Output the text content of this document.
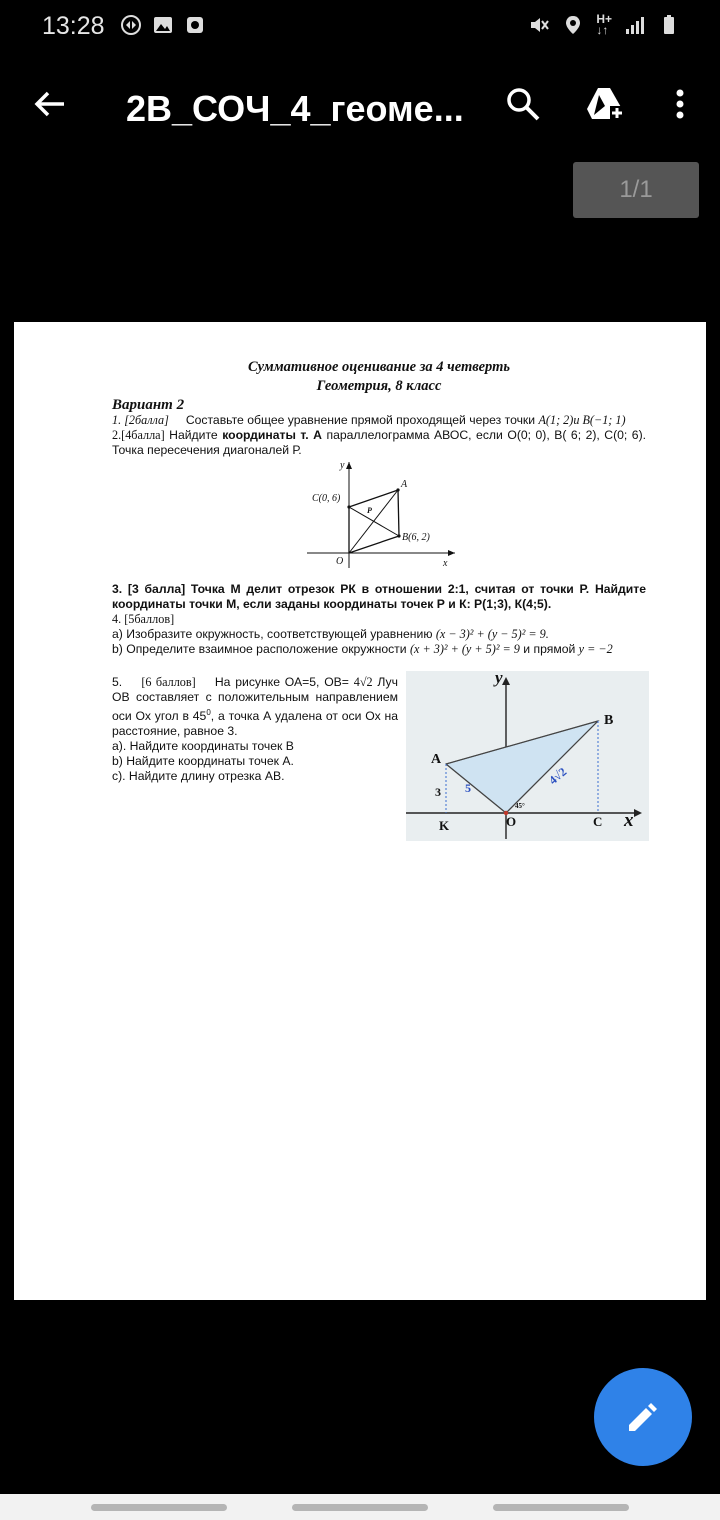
13:28	H+
↓↑
2В_СОЧ_4_геоме...
1/1
Суммативное оценивание за 4 четверть
Геометрия, 8 класс
Вариант 2

1. [2балла] Составьте общее уравнение прямой проходящей через точки A(1; 2)и B(−1; 1)

2.[4балла] Найдите координаты т. А параллелограмма АВОС, если O(0; 0), B( 6; 2), C(0; 6). Точка пересечения диагоналей Р.

y
x
O
A
B(6, 2)
C(0, 6)
P

3. [3 балла] Точка М делит отрезок РК в отношении 2:1, считая от точки Р. Найдите координаты точки М, если заданы координаты точек Р и К: Р(1;3), К(4;5).

4. [5баллов]

a) Изобразите окружность, соответствующей уравнению (x − 3)² + (y − 5)² = 9.

b) Определите взаимное расположение окружности (x + 3)² + (y + 5)² = 9 и прямой y = −2

5. [6 баллов] На рисунке ОА=5, ОВ= 4√2 Луч ОВ составляет с положительным направлением оси Ох угол в $45^0$, а точка А удалена от оси Ох на расстояние, равное 3.

а). Найдите координаты точек В

b) Найдите координаты точек А.

с). Найдите длину отрезка АВ.

y
x
A
B
K	O	C
3 5
4√2
45°
